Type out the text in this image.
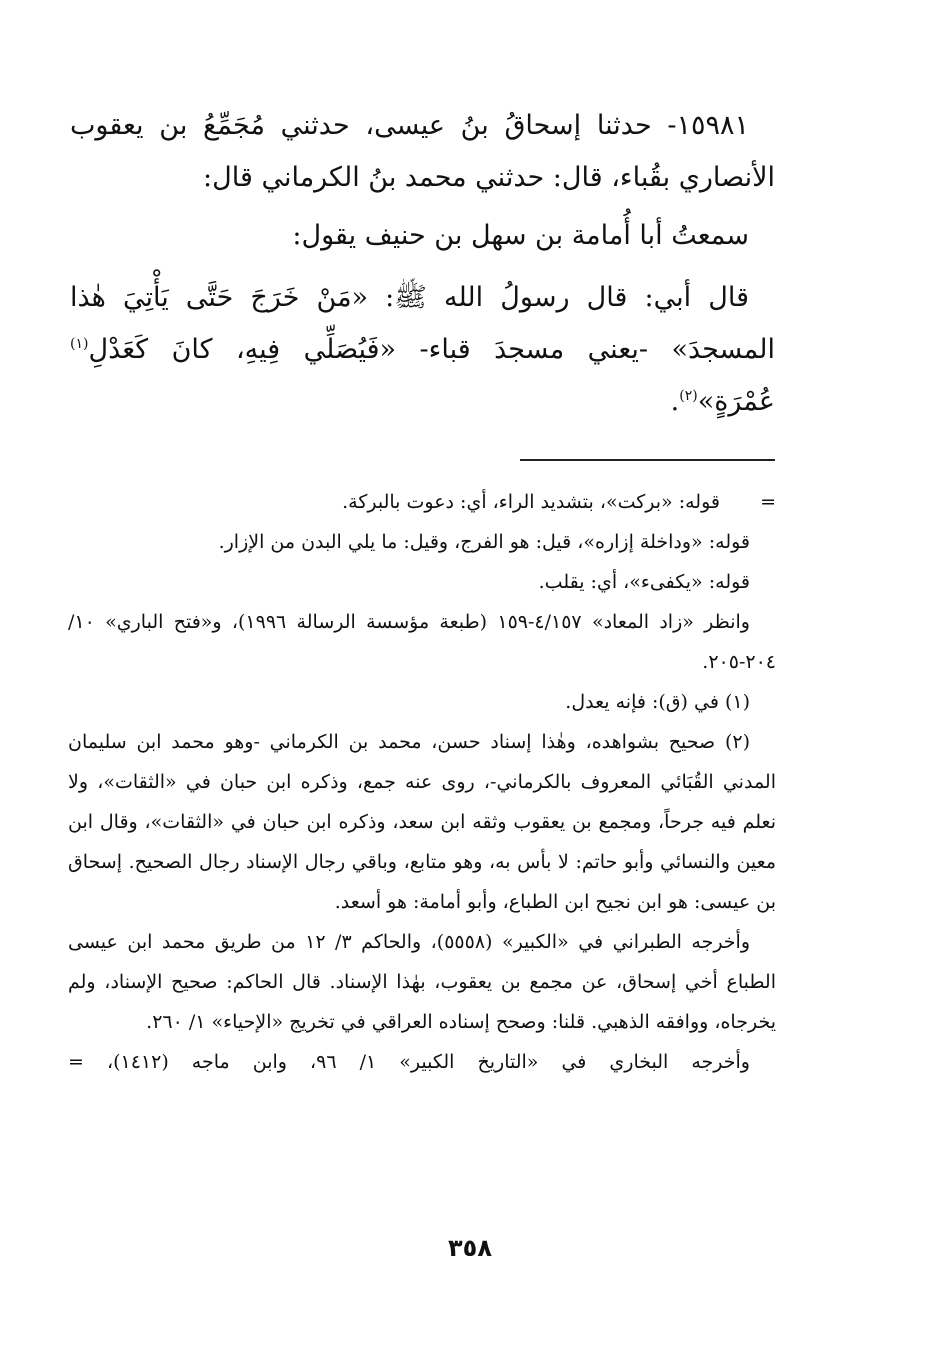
١٥٩٨١- حدثنا إسحاقُ بنُ عيسى، حدثني مُجَمِّعُ بن يعقوب الأنصاري بقُباء، قال: حدثني محمد بنُ الكرماني قال:

سمعتُ أبا أُمامة بن سهل بن حنيف يقول:

قال أبي: قال رسولُ الله ﷺ: «مَنْ خَرَجَ حَتَّى يَأْتِيَ هٰذا المسجدَ» -يعني مسجدَ قباء- «فَيُصَلِّي فِيهِ، كانَ كَعَدْلِ$^{(١)}$ عُمْرَةٍ»$^{(٢)}$.

=قوله: «بركت»، بتشديد الراء، أي: دعوت بالبركة.

قوله: «وداخلة إزاره»، قيل: هو الفرج، وقيل: ما يلي البدن من الإزار.

قوله: «يكفىء»، أي: يقلب.

وانظر «زاد المعاد» ٤/١٥٧-١٥٩ (طبعة مؤسسة الرسالة ١٩٩٦)، و«فتح الباري» ١٠/ ٢٠٤-٢٠٥.

(١) في (ق): فإنه يعدل.

(٢) صحيح بشواهده، وهٰذا إسناد حسن، محمد بن الكرماني -وهو محمد ابن سليمان المدني القُبَائي المعروف بالكرماني-، روى عنه جمع، وذكره ابن حبان في «الثقات»، ولا نعلم فيه جرحاً، ومجمع بن يعقوب وثقه ابن سعد، وذكره ابن حبان في «الثقات»، وقال ابن معين والنسائي وأبو حاتم: لا بأس به، وهو متابع، وباقي رجال الإسناد رجال الصحيح. إسحاق بن عيسى: هو ابن نجيح ابن الطباع، وأبو أمامة: هو أسعد.

وأخرجه الطبراني في «الكبير» (٥٥٥٨)، والحاكم ٣/ ١٢ من طريق محمد ابن عيسى الطباع أخي إسحاق، عن مجمع بن يعقوب، بهٰذا الإسناد. قال الحاكم: صحيح الإسناد، ولم يخرجاه، ووافقه الذهبي. قلنا: وصحح إسناده العراقي في تخريج «الإحياء» ١/ ٢٦٠.

وأخرجه البخاري في «التاريخ الكبير» ١/ ٩٦، وابن ماجه (١٤١٢)، =

٣٥٨
